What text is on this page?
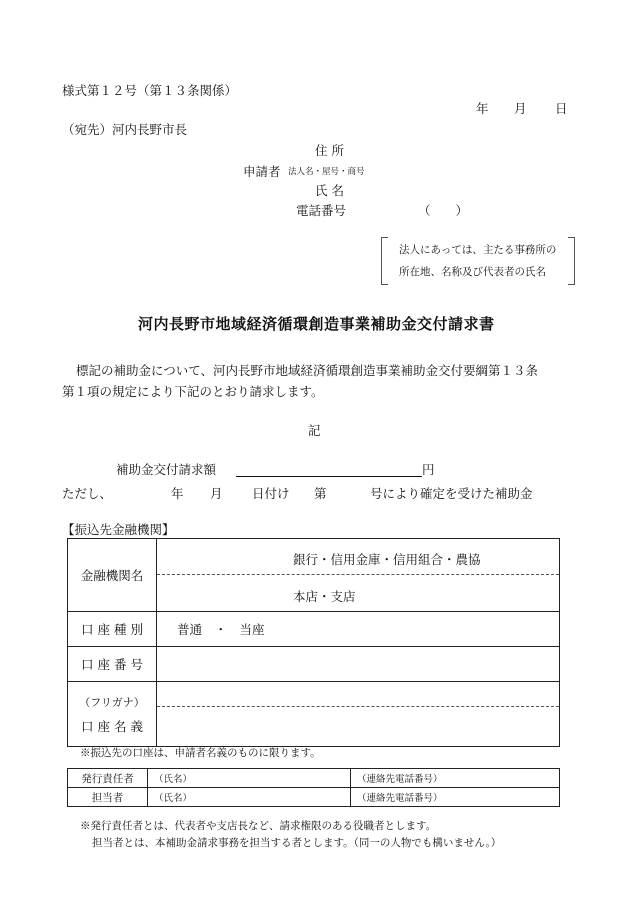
様式第１２号（第１３条関係）
年 月 日
（宛先）河内長野市長
住 所
申請者 法人名・屋号・商号
氏 名
電話番号	（　　）
法人にあっては、主たる事務所の
所在地、名称及び代表者の氏名
河内長野市地域経済循環創造事業補助金交付請求書
標記の補助金について、河内長野市地域経済循環創造事業補助金交付要綱第１３条
第１項の規定により下記のとおり請求します。
記
補助金交付請求額	円
ただし、	年 月 日付け 第	号により確定を受けた補助金
【振込先金融機関】
金融機関名	銀行・信用金庫・信用組合・農協
本店・支店

口 座 種 別	普通　・　当座
口 座 番 号	

（フリガナ）
口 座 名 義	

※振込先の口座は、申請者名義のものに限ります。
発行責任者	（氏名）	（連絡先電話番号）
担当者	（氏名）	（連絡先電話番号）
※発行責任者とは、代表者や支店長など、請求権限のある役職者とします。
担当者とは、本補助金請求事務を担当する者とします。（同一の人物でも構いません。）
